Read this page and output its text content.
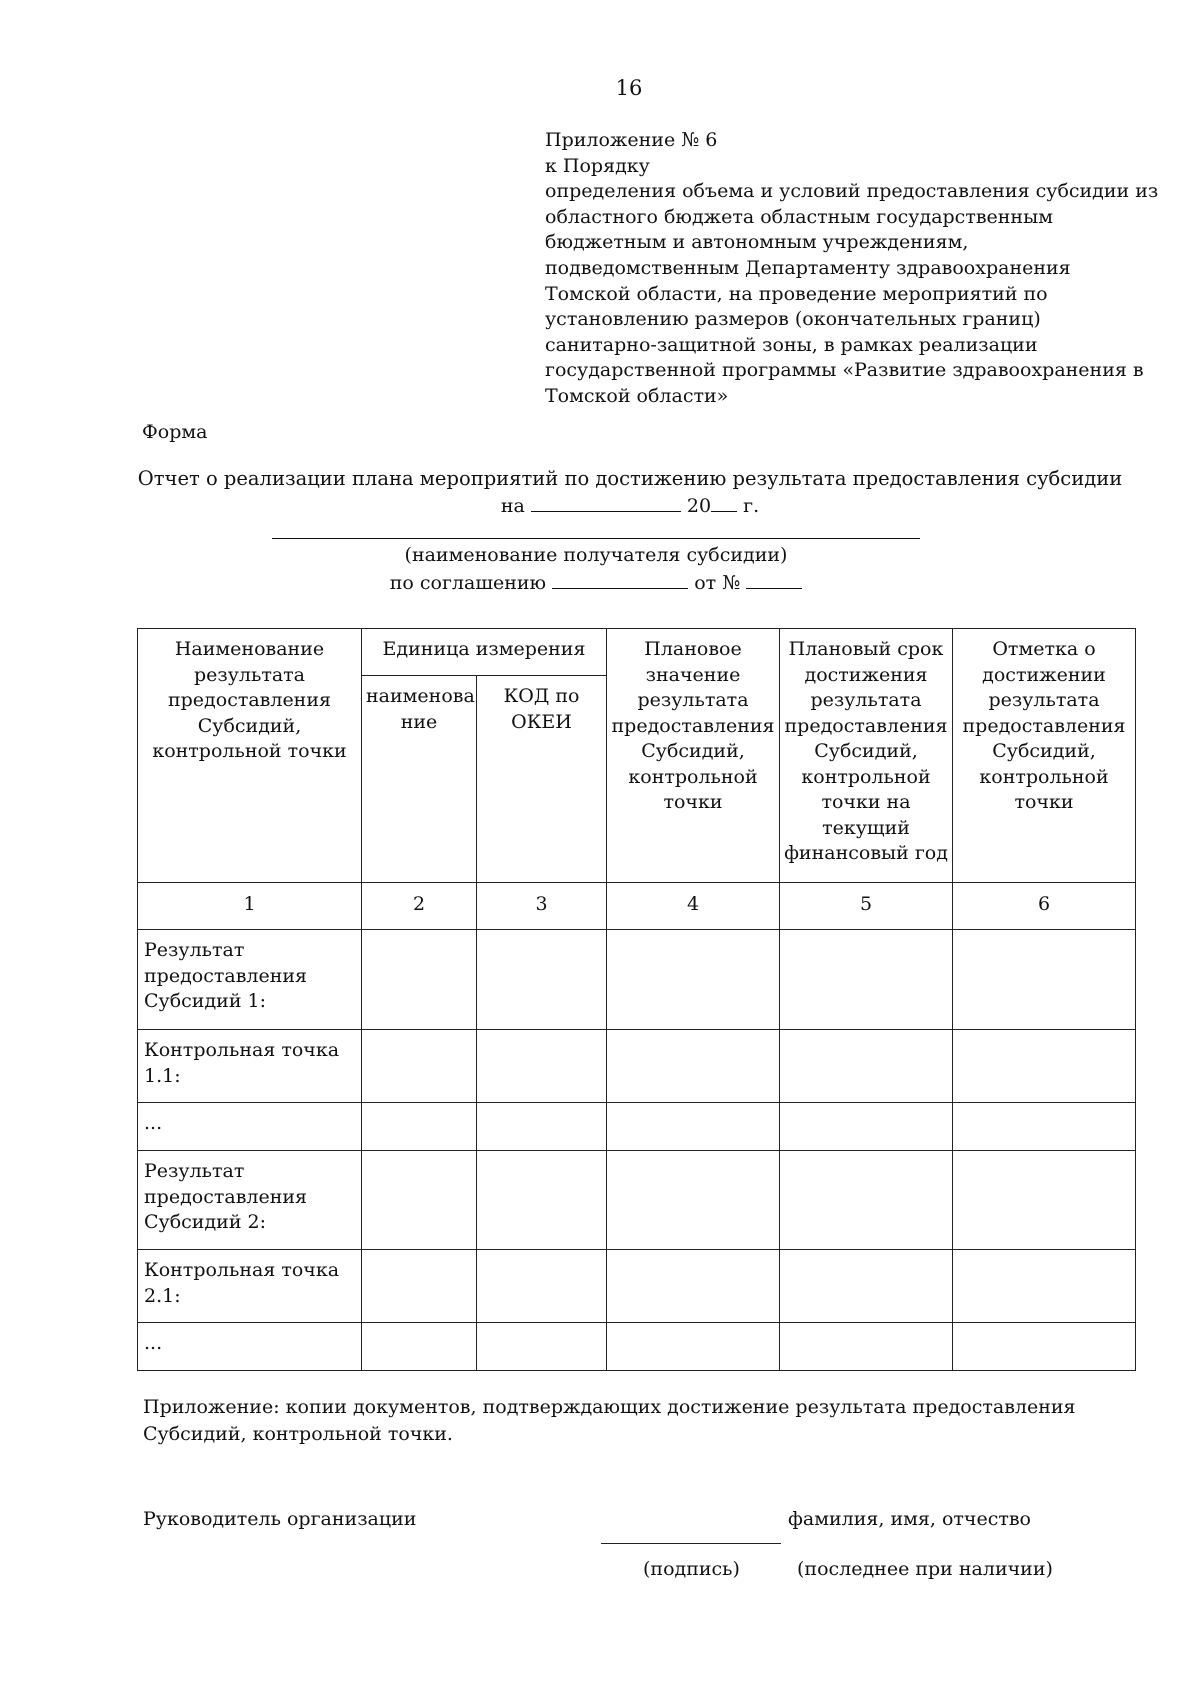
16
Приложение № 6
к Порядку
определения объема и условий предоставления субсидии из
областного бюджета областным государственным
бюджетным и автономным учреждениям,
подведомственным Департаменту здравоохранения
Томской области, на проведение мероприятий по
установлению размеров (окончательных границ)
санитарно-защитной зоны, в рамках реализации
государственной программы «Развитие здравоохранения в
Томской области»
Форма
Отчет о реализации плана мероприятий по достижению результата предоставления субсидии
на	20 г.
(наименование получателя субсидии)
по соглашению	от №
Наименование результата предоставления Субсидий, контрольной точки	Единица измерения		Плановое значение результата предоставления Субсидий, контрольной точки	Плановый срок достижения результата предоставления Субсидий, контрольной точки на текущий финансовый год	Отметка о достижении результата предоставления Субсидий, контрольной точки
	наименова ние	КОД по ОКЕИ			
1	2	3	4	5	6
Результат предоставления Субсидий 1:					
Контрольная точка 1.1:					
...					
Результат предоставления Субсидий 2:					
Контрольная точка 2.1:					
...					
Приложение: копии документов, подтверждающих достижение результата предоставления Субсидий, контрольной точки.
Руководитель организации	фамилия, имя, отчество
(подпись)	(последнее при наличии)
